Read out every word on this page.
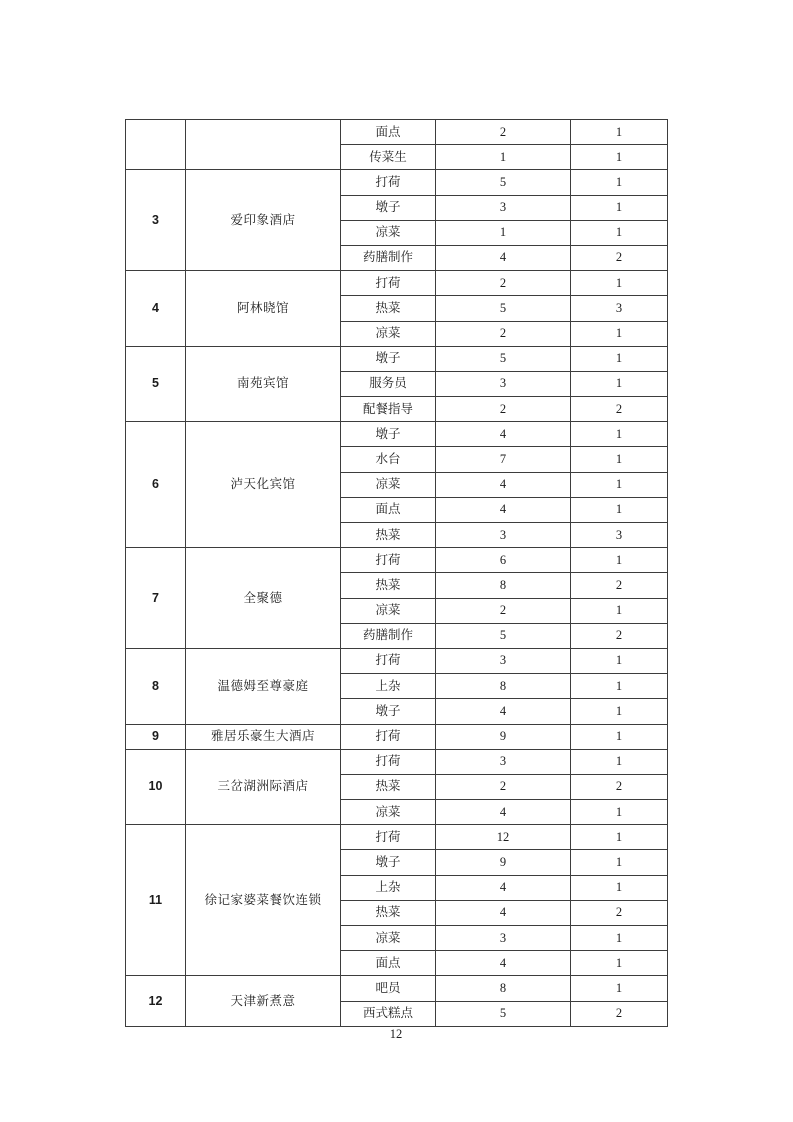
		面点	2	1
		传菜生	1	1
3	爱印象酒店	打荷	5	1
		墩子	3	1
		凉菜	1	1
		药膳制作	4	2
4	阿林晓馆	打荷	2	1
		热菜	5	3
		凉菜	2	1
5	南苑宾馆	墩子	5	1
		服务员	3	1
		配餐指导	2	2
6	泸天化宾馆	墩子	4	1
		水台	7	1
		凉菜	4	1
		面点	4	1
		热菜	3	3
7	全聚德	打荷	6	1
		热菜	8	2
		凉菜	2	1
		药膳制作	5	2
8	温德姆至尊豪庭	打荷	3	1
		上杂	8	1
		墩子	4	1
9	雅居乐豪生大酒店	打荷	9	1
10	三岔湖洲际酒店	打荷	3	1
		热菜	2	2
		凉菜	4	1
11	徐记家婆菜餐饮连锁	打荷	12	1
		墩子	9	1
		上杂	4	1
		热菜	4	2
		凉菜	3	1
		面点	4	1
12	天津新煮意	吧员	8	1
		西式糕点	5	2
12
